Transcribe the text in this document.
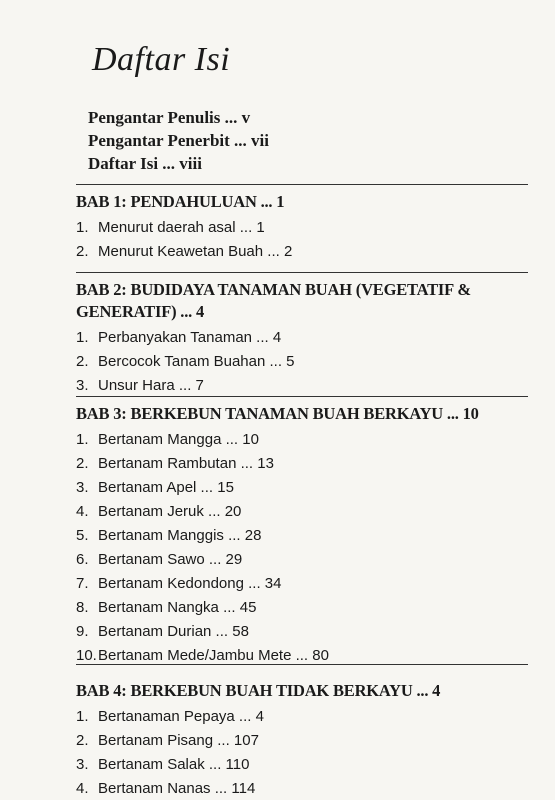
Daftar Isi
Pengantar Penulis ... v
Pengantar Penerbit ... vii
Daftar Isi ... viii
BAB 1: PENDAHULUAN ... 1
1. Menurut daerah asal ... 1
2. Menurut Keawetan Buah ... 2
BAB 2: BUDIDAYA TANAMAN BUAH (VEGETATIF & GENERATIF) ... 4
1. Perbanyakan Tanaman ... 4
2. Bercocok Tanam Buahan ... 5
3. Unsur Hara ... 7
BAB 3: BERKEBUN TANAMAN BUAH BERKAYU ... 10
1. Bertanam Mangga ... 10
2. Bertanam Rambutan ... 13
3. Bertanam Apel ... 15
4. Bertanam Jeruk ... 20
5. Bertanam Manggis ... 28
6. Bertanam Sawo ... 29
7. Bertanam Kedondong ... 34
8. Bertanam Nangka ... 45
9. Bertanam Durian ... 58
10. Bertanam Mede/Jambu Mete ... 80
BAB 4: BERKEBUN BUAH TIDAK BERKAYU ... 4
1. Bertanaman Pepaya ... 4
2. Bertanam Pisang ... 107
3. Bertanam Salak ... 110
4. Bertanam Nanas ... 114
